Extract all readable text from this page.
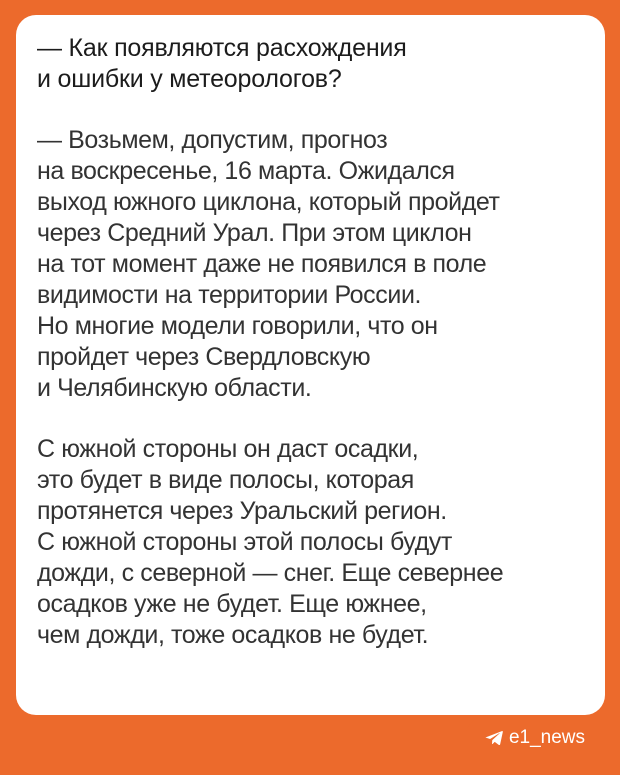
— Как появляются расхождения
и ошибки у метеорологов?

— Возьмем, допустим, прогноз
на воскресенье, 16 марта. Ожидался
выход южного циклона, который пройдет
через Средний Урал. При этом циклон
на тот момент даже не появился в поле
видимости на территории России.
Но многие модели говорили, что он
пройдет через Свердловскую
и Челябинскую области.

С южной стороны он даст осадки,
это будет в виде полосы, которая
протянется через Уральский регион.
С южной стороны этой полосы будут
дожди, с северной — снег. Еще севернее
осадков уже не будет. Еще южнее,
чем дожди, тоже осадков не будет.

e1_news
